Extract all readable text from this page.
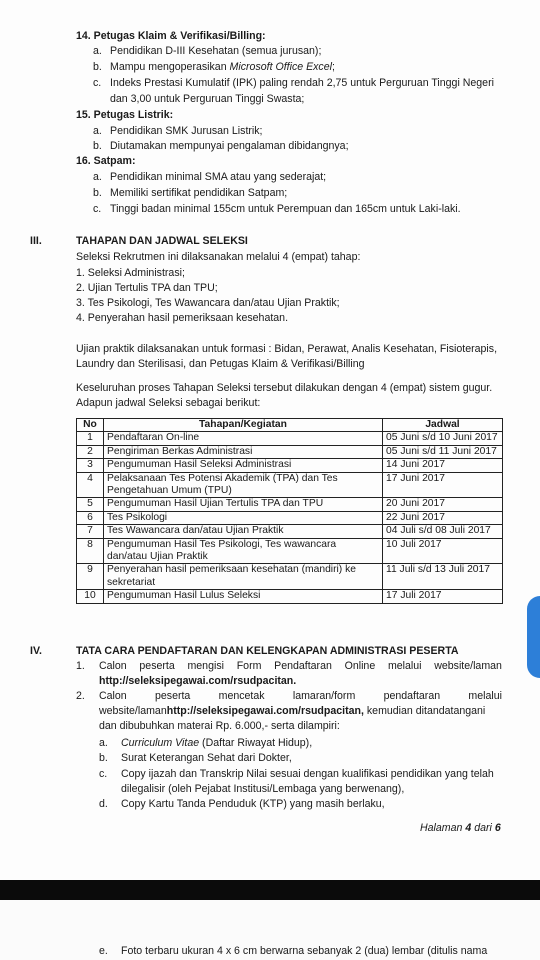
14. Petugas Klaim & Verifikasi/Billing:
a. Pendidikan D-III Kesehatan (semua jurusan);
b. Mampu mengoperasikan Microsoft Office Excel;
c. Indeks Prestasi Kumulatif (IPK) paling rendah 2,75 untuk Perguruan Tinggi Negeri
dan 3,00 untuk Perguruan Tinggi Swasta;
15. Petugas Listrik:
a. Pendidikan SMK Jurusan Listrik;
b. Diutamakan mempunyai pengalaman dibidangnya;
16. Satpam:
a. Pendidikan minimal SMA atau yang sederajat;
b. Memiliki sertifikat pendidikan Satpam;
c. Tinggi badan minimal 155cm untuk Perempuan dan 165cm untuk Laki-laki.
III.	TAHAPAN DAN JADWAL SELEKSI
Seleksi Rekrutmen ini dilaksanakan melalui 4 (empat) tahap:
1. Seleksi Administrasi;
2. Ujian Tertulis TPA dan TPU;
3. Tes Psikologi, Tes Wawancara dan/atau Ujian Praktik;
4. Penyerahan hasil pemeriksaan kesehatan.
Ujian praktik dilaksanakan untuk formasi : Bidan, Perawat, Analis Kesehatan, Fisioterapis,
Laundry dan Sterilisasi, dan Petugas Klaim & Verifikasi/Billing
Keseluruhan proses Tahapan Seleksi tersebut dilakukan dengan 4 (empat) sistem gugur.
Adapun jadwal Seleksi sebagai berikut:
No	Tahapan/Kegiatan	Jadwal
1	Pendaftaran On-line	05 Juni s/d 10 Juni 2017
2	Pengiriman Berkas Administrasi	05 Juni s/d 11 Juni 2017
3	Pengumuman Hasil Seleksi Administrasi	14 Juni 2017
4	Pelaksanaan Tes Potensi Akademik (TPA) dan Tes Pengetahuan Umum (TPU)	17 Juni 2017
5	Pengumuman Hasil Ujian Tertulis TPA dan TPU	20 Juni 2017
6	Tes Psikologi	22 Juni 2017
7	Tes Wawancara dan/atau Ujian Praktik	04 Juli s/d 08 Juli 2017
8	Pengumuman Hasil Tes Psikologi, Tes wawancara dan/atau Ujian Praktik	10 Juli 2017
9	Penyerahan hasil pemeriksaan kesehatan (mandiri) ke sekretariat	11 Juli s/d 13 Juli 2017
10	Pengumuman Hasil Lulus Seleksi	17 Juli 2017
IV.	TATA CARA PENDAFTARAN DAN KELENGKAPAN ADMINISTRASI PESERTA
1. Calon peserta mengisi Form Pendaftaran Online melalui website/laman
http://seleksipegawai.com/rsudpacitan.
2. Calon	peserta	mencetak	lamaran/form	pendaftaran	melalui
website/lamanhttp://seleksipegawai.com/rsudpacitan, kemudian ditandatangani
dan dibubuhkan materai Rp. 6.000,- serta dilampiri:
a. Curriculum Vitae (Daftar Riwayat Hidup),
b. Surat Keterangan Sehat dari Dokter,
c. Copy ijazah dan Transkrip Nilai sesuai dengan kualifikasi pendidikan yang telah
dilegalisir (oleh Pejabat Institusi/Lembaga yang berwenang),
d. Copy Kartu Tanda Penduduk (KTP) yang masih berlaku,
Halaman 4 dari 6
e. Foto terbaru ukuran 4 x 6 cm berwarna sebanyak 2 (dua) lembar (ditulis nama
